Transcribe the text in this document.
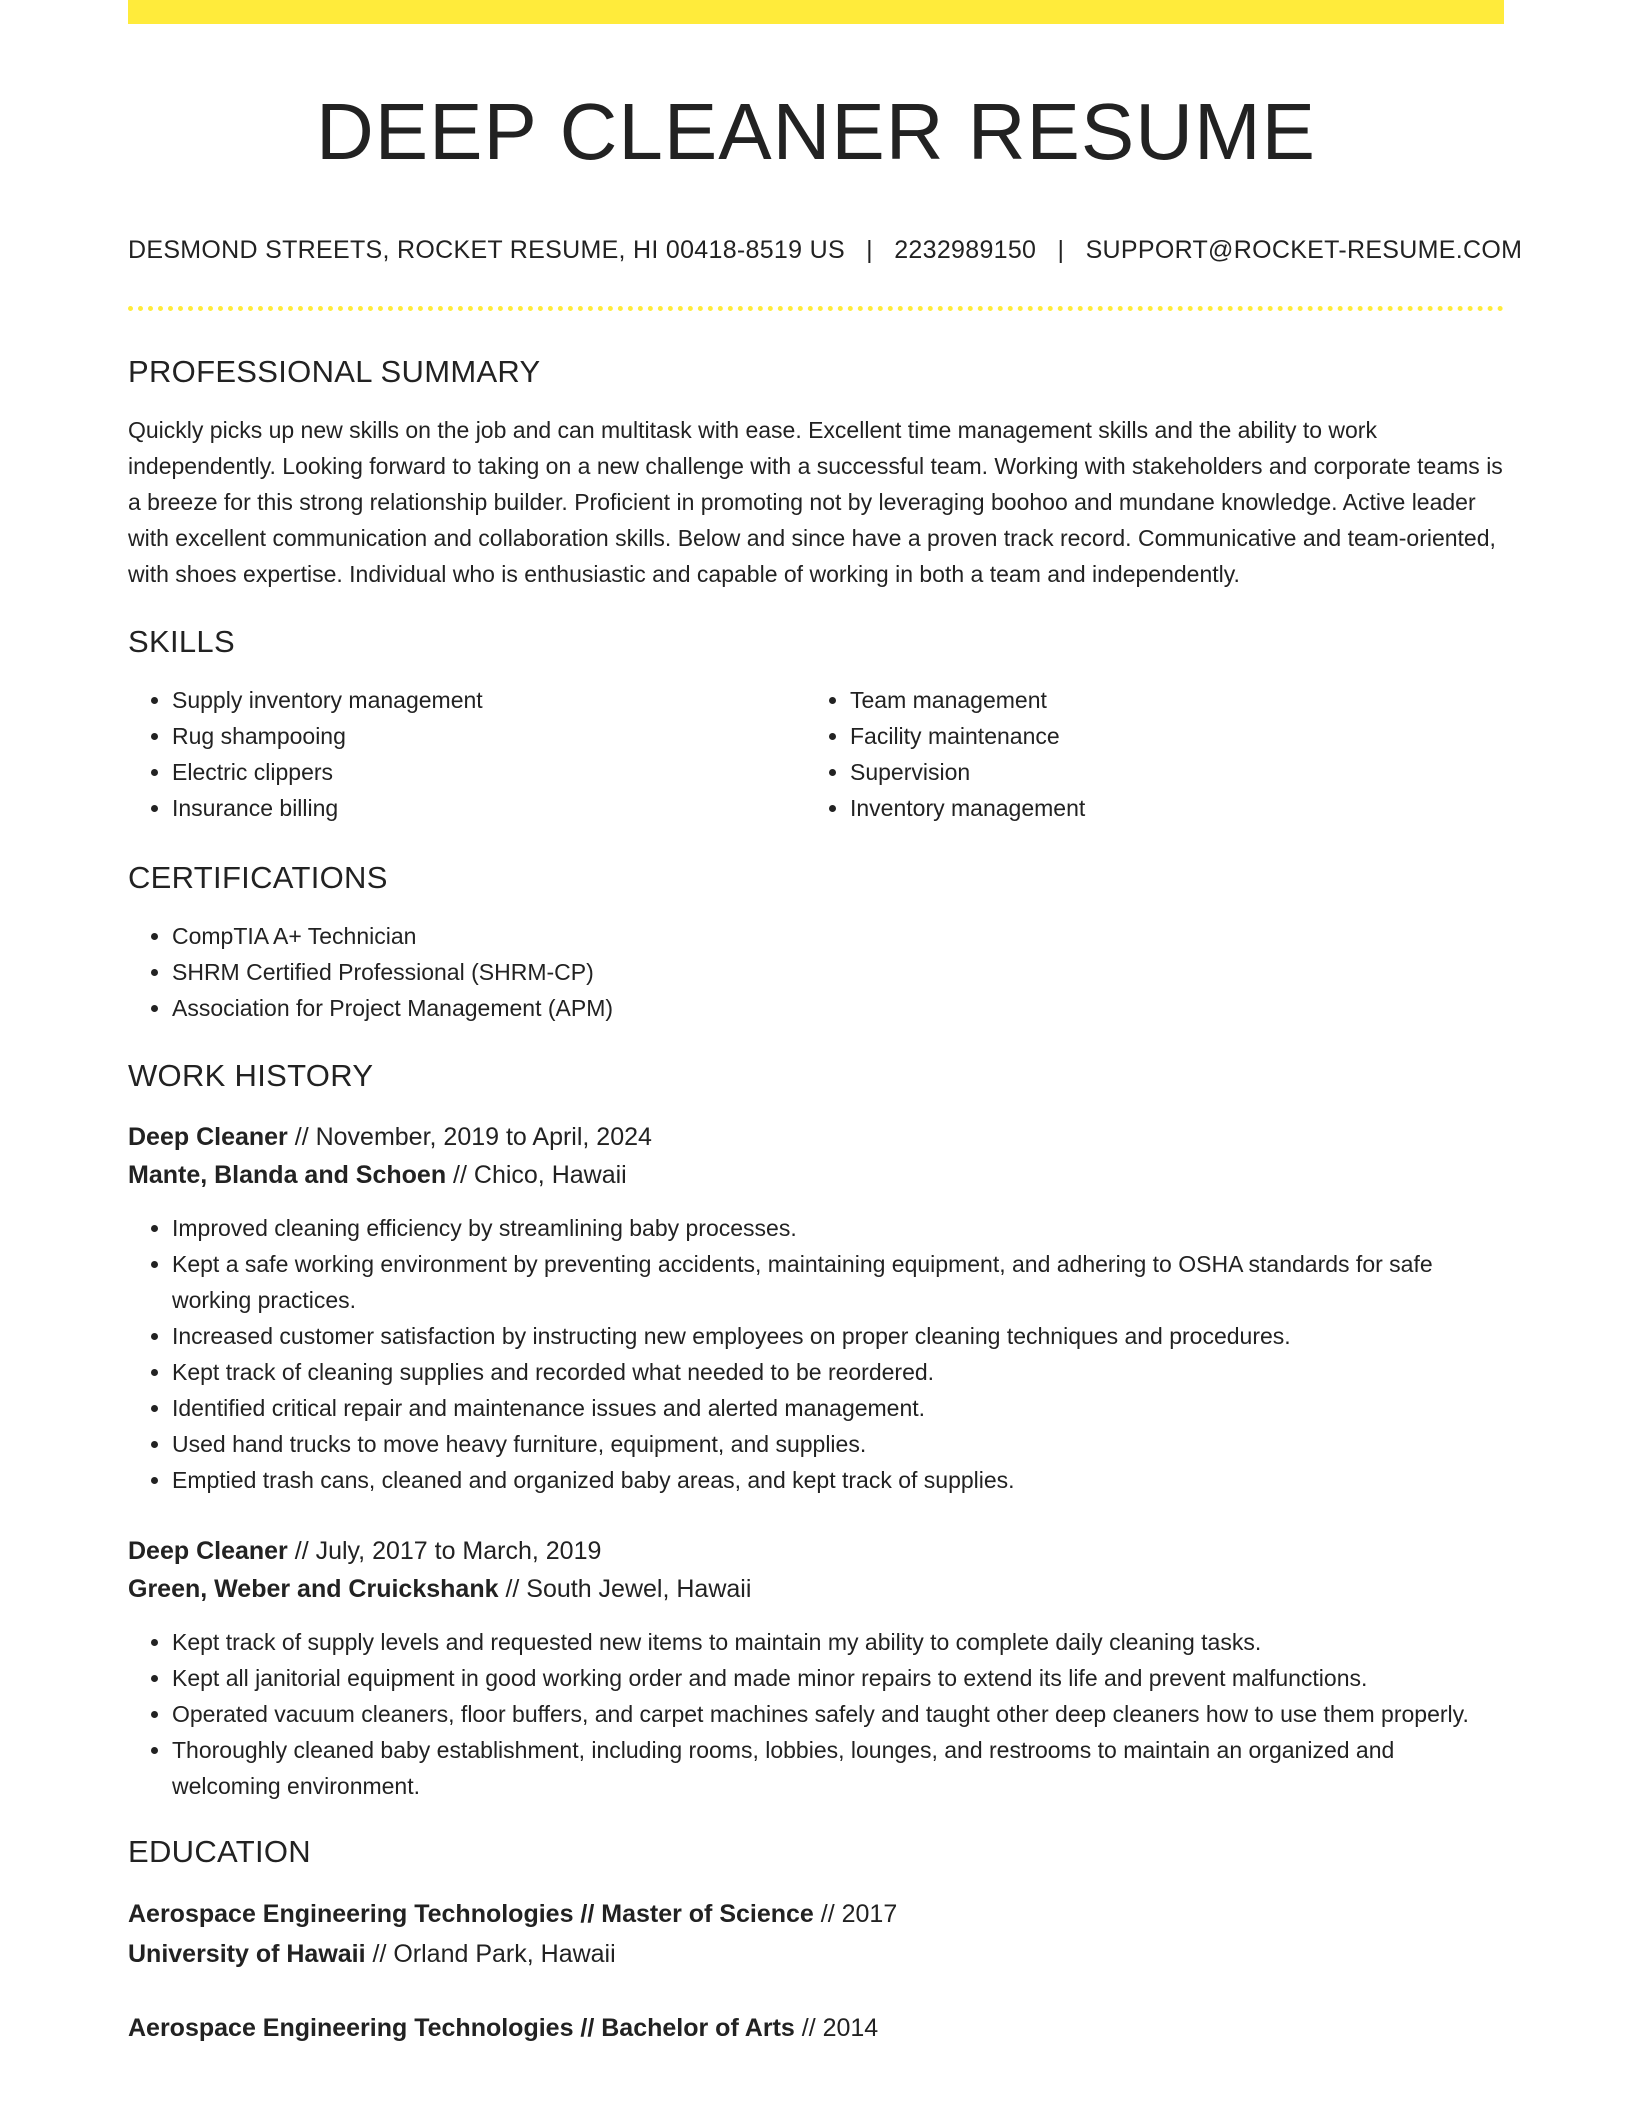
DEEP CLEANER RESUME
DESMOND STREETS, ROCKET RESUME, HI 00418-8519 US | 2232989150 | SUPPORT@ROCKET-RESUME.COM
PROFESSIONAL SUMMARY

Quickly picks up new skills on the job and can multitask with ease. Excellent time management skills and the ability to work independently. Looking forward to taking on a new challenge with a successful team. Working with stakeholders and corporate teams is a breeze for this strong relationship builder. Proficient in promoting not by leveraging boohoo and mundane knowledge. Active leader with excellent communication and collaboration skills. Below and since have a proven track record. Communicative and team-oriented, with shoes expertise. Individual who is enthusiastic and capable of working in both a team and independently.

SKILLS
• Supply inventory management
• Rug shampooing
• Electric clippers
• Insurance billing
• Team management
• Facility maintenance
• Supervision
• Inventory management
CERTIFICATIONS
• CompTIA A+ Technician
• SHRM Certified Professional (SHRM-CP)
• Association for Project Management (APM)
WORK HISTORY
Deep Cleaner // November, 2019 to April, 2024
Mante, Blanda and Schoen // Chico, Hawaii
• Improved cleaning efficiency by streamlining baby processes.
• Kept a safe working environment by preventing accidents, maintaining equipment, and adhering to OSHA standards for safe working practices.
• Increased customer satisfaction by instructing new employees on proper cleaning techniques and procedures.
• Kept track of cleaning supplies and recorded what needed to be reordered.
• Identified critical repair and maintenance issues and alerted management.
• Used hand trucks to move heavy furniture, equipment, and supplies.
• Emptied trash cans, cleaned and organized baby areas, and kept track of supplies.
Deep Cleaner // July, 2017 to March, 2019
Green, Weber and Cruickshank // South Jewel, Hawaii
• Kept track of supply levels and requested new items to maintain my ability to complete daily cleaning tasks.
• Kept all janitorial equipment in good working order and made minor repairs to extend its life and prevent malfunctions.
• Operated vacuum cleaners, floor buffers, and carpet machines safely and taught other deep cleaners how to use them properly.
• Thoroughly cleaned baby establishment, including rooms, lobbies, lounges, and restrooms to maintain an organized and welcoming environment.
EDUCATION
Aerospace Engineering Technologies // Master of Science // 2017
University of Hawaii // Orland Park, Hawaii
Aerospace Engineering Technologies // Bachelor of Arts // 2014
